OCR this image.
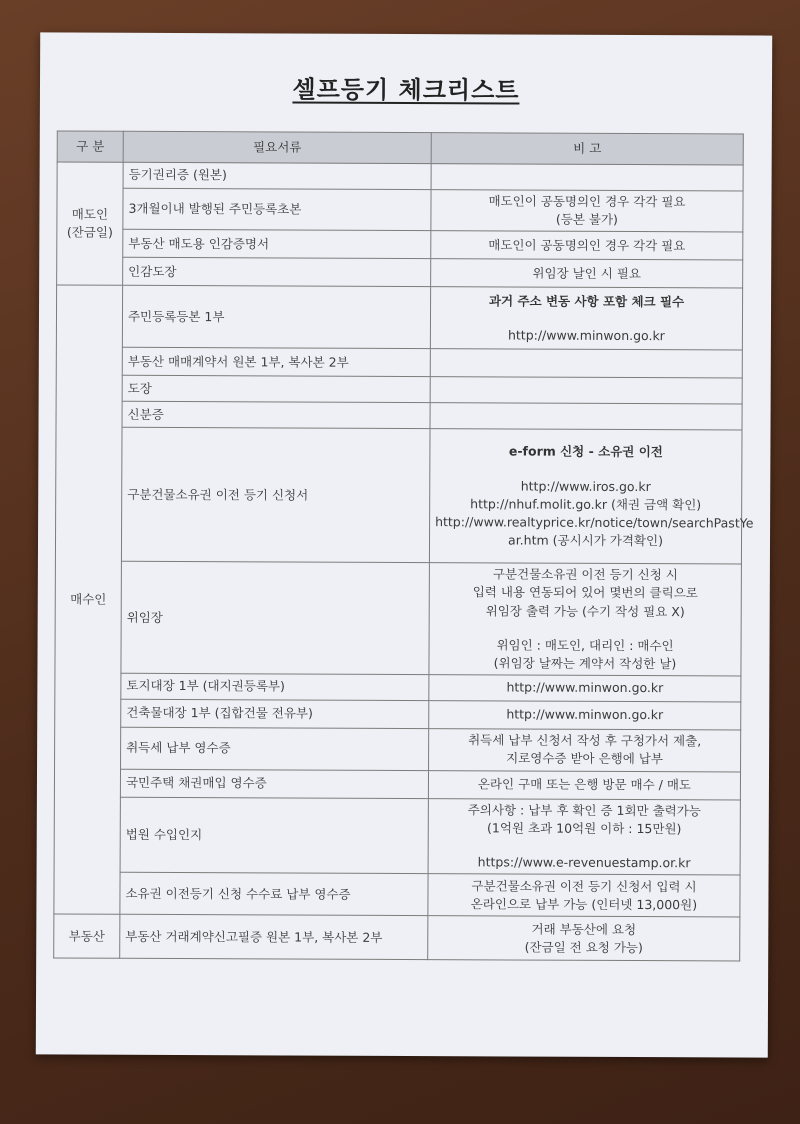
셀프등기 체크리스트
구 분	필요서류	비 고

매도인
(잔금일)	등기권리증 (원본)	
	3개월이내 발행된 주민등록초본	매도인이 공동명의인 경우 각각 필요
(등본 불가)

	부동산 매도용 인감증명서	매도인이 공동명의인 경우 각각 필요

	인감도장	위임장 날인 시 필요

매수인	주민등록등본 1부	과거 주소 변동 사항 포함 체크 필수
http://www.minwon.go.kr

	부동산 매매계약서 원본 1부, 복사본 2부	
	도장	
	신분증	
	구분건물소유권 이전 등기 신청서	e-form 신청 - 소유권 이전
http://www.iros.go.kr
http://nhuf.molit.go.kr (채권 금액 확인)
http://www.realtyprice.kr/notice/town/searchPastYe
ar.htm (공시시가 가격확인)

	위임장	구분건물소유권 이전 등기 신청 시
입력 내용 연동되어 있어 몇번의 클릭으로
위임장 출력 가능 (수기 작성 필요 X)
위임인 : 매도인, 대리인 : 매수인
(위임장 날짜는 계약서 작성한 날)

	토지대장 1부 (대지권등록부)	http://www.minwon.go.kr

	건축물대장 1부 (집합건물 전유부)	http://www.minwon.go.kr

	취득세 납부 영수증	취득세 납부 신청서 작성 후 구청가서 제출,
지로영수증 받아 은행에 납부

	국민주택 채권매입 영수증	온라인 구매 또는 은행 방문 매수 / 매도

	법원 수입인지	주의사항 : 납부 후 확인 증 1회만 출력가능
(1억원 초과 10억원 이하 : 15만원)
https://www.e-revenuestamp.or.kr

	소유권 이전등기 신청 수수료 납부 영수증	구분건물소유권 이전 등기 신청서 입력 시
온라인으로 납부 가능 (인터넷 13,000원)

부동산	부동산 거래계약신고필증 원본 1부, 복사본 2부	거래 부동산에 요청
(잔금일 전 요청 가능)
